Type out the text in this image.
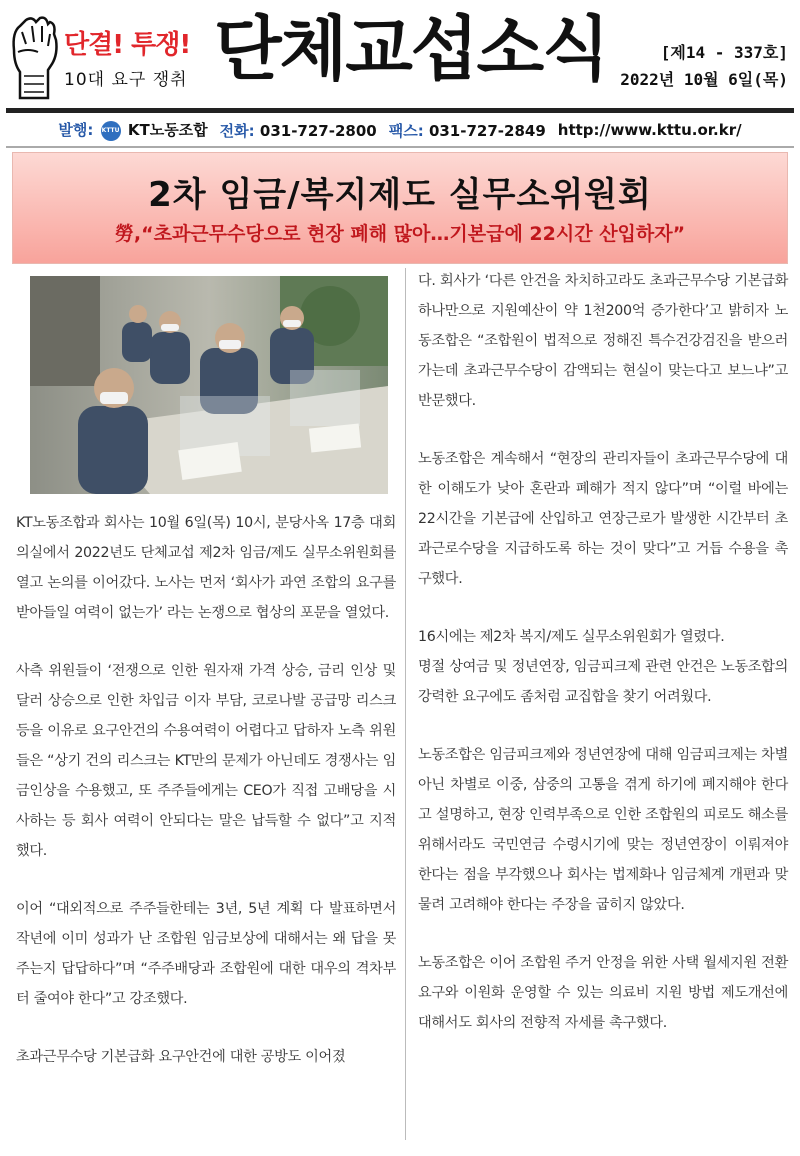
단결! 투쟁!
10대 요구 쟁취 단체교섭소식	[제14 - 337호]
2022년 10월 6일(목)
발행: KTTU KT노동조합 전화: 031-727-2800 팩스: 031-727-2849 http://www.kttu.or.kr/
2차 임금/복지제도 실무소위원회
勞,“초과근무수당으로 현장 폐해 많아…기본급에 22시간 산입하자”

KT노동조합과 회사는 10월 6일(목) 10시, 분당사옥 17층 대회의실에서 2022년도 단체교섭 제2차 임금/제도 실무소위원회를 열고 논의를 이어갔다. 노사는 먼저 ‘회사가 과연 조합의 요구를 받아들일 여력이 없는가’ 라는 논쟁으로 협상의 포문을 열었다.

사측 위원들이 ‘전쟁으로 인한 원자재 가격 상승, 금리 인상 및 달러 상승으로 인한 차입금 이자 부담, 코로나발 공급망 리스크 등을 이유로 요구안건의 수용여력이 어렵다고 답하자 노측 위원들은 “상기 건의 리스크는 KT만의 문제가 아닌데도 경쟁사는 임금인상을 수용했고, 또 주주들에게는 CEO가 직접 고배당을 시사하는 등 회사 여력이 안되다는 말은 납득할 수 없다”고 지적했다.

이어 “대외적으로 주주들한테는 3년, 5년 계획 다 발표하면서 작년에 이미 성과가 난 조합원 임금보상에 대해서는 왜 답을 못 주는지 답답하다”며 “주주배당과 조합원에 대한 대우의 격차부터 줄여야 한다”고 강조했다.

초과근무수당 기본급화 요구안건에 대한 공방도 이어졌

다. 회사가 ‘다른 안건을 차치하고라도 초과근무수당 기본급화 하나만으로 지원예산이 약 1천200억 증가한다’고 밝히자 노동조합은 “조합원이 법적으로 정해진 특수건강검진을 받으러 가는데 초과근무수당이 감액되는 현실이 맞는다고 보느냐”고 반문했다.

노동조합은 계속해서 “현장의 관리자들이 초과근무수당에 대한 이해도가 낮아 혼란과 폐해가 적지 않다”며 “이럴 바에는 22시간을 기본급에 산입하고 연장근로가 발생한 시간부터 초과근로수당을 지급하도록 하는 것이 맞다”고 거듭 수용을 촉구했다.

16시에는 제2차 복지/제도 실무소위원회가 열렸다.

명절 상여금 및 정년연장, 임금피크제 관련 안건은 노동조합의 강력한 요구에도 좀처럼 교집합을 찾기 어려웠다.

노동조합은 임금피크제와 정년연장에 대해 임금피크제는 차별 아닌 차별로 이중, 삼중의 고통을 겪게 하기에 폐지해야 한다고 설명하고, 현장 인력부족으로 인한 조합원의 피로도 해소를 위해서라도 국민연금 수령시기에 맞는 정년연장이 이뤄져야 한다는 점을 부각했으나 회사는 법제화나 임금체계 개편과 맞물려 고려해야 한다는 주장을 굽히지 않았다.

노동조합은 이어 조합원 주거 안정을 위한 사택 월세지원 전환요구와 이원화 운영할 수 있는 의료비 지원 방법 제도개선에 대해서도 회사의 전향적 자세를 촉구했다.
